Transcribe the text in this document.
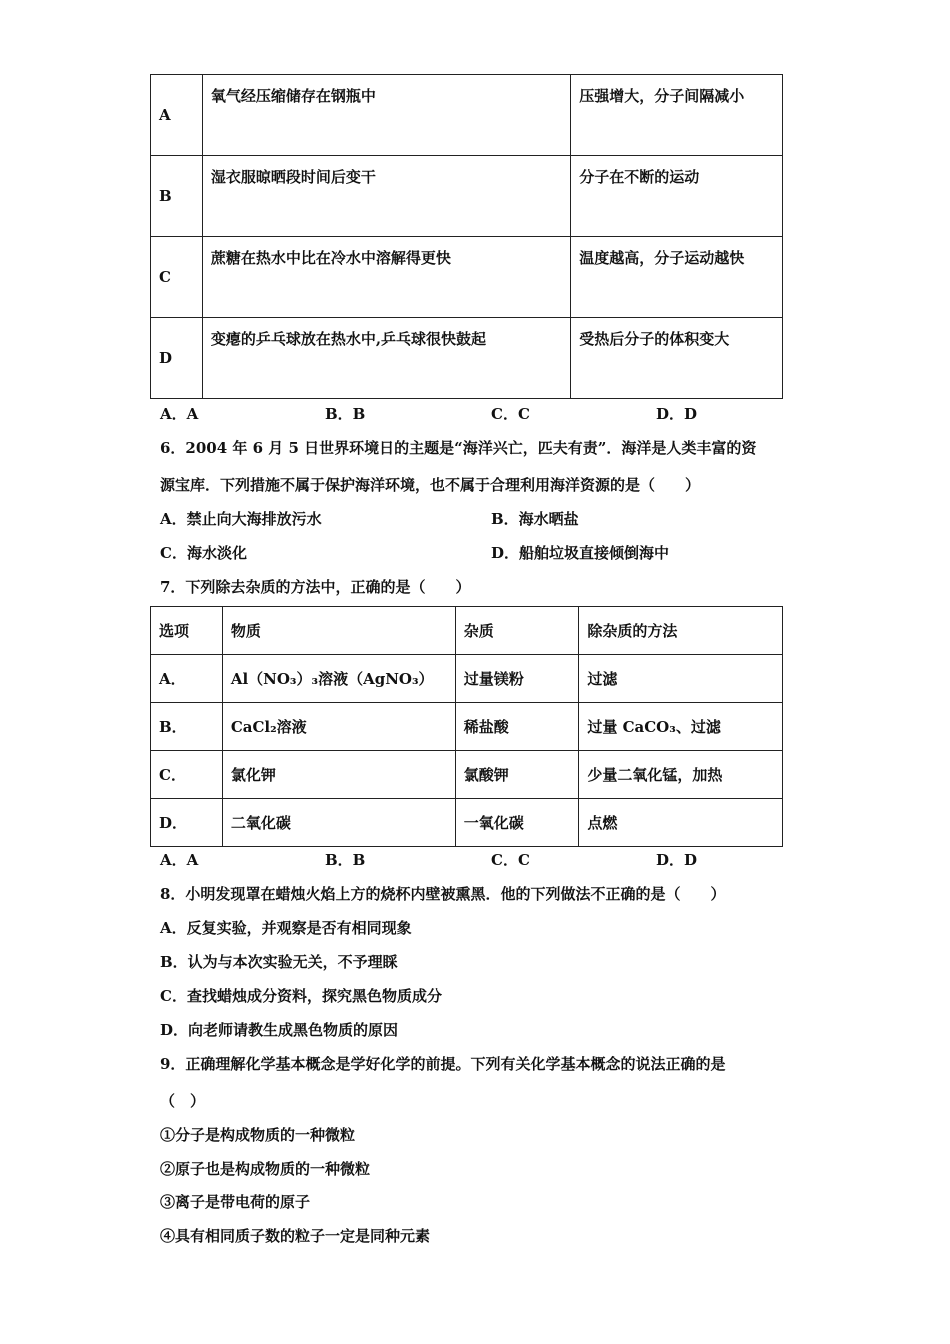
A	氧气经压缩储存在钢瓶中	压强增大，分子间隔减小
B	湿衣服晾晒段时间后变干	分子在不断的运动
C	蔗糖在热水中比在冷水中溶解得更快	温度越高，分子运动越快
D	变瘪的乒乓球放在热水中,乒乓球很快鼓起	受热后分子的体积变大
A．A	B．B	C．C	D．D
6．2004 年 6 月 5 日世界环境日的主题是“海洋兴亡，匹夫有责”．海洋是人类丰富的资
源宝库．下列措施不属于保护海洋环境，也不属于合理利用海洋资源的是（　　）
A．禁止向大海排放污水	B．海水晒盐
C．海水淡化	D．船舶垃圾直接倾倒海中
7．下列除去杂质的方法中，正确的是（　　）
选项	物质	杂质	除杂质的方法
A．	Al（NO₃）₃溶液（AgNO₃）	过量镁粉	过滤
B．	CaCl₂溶液	稀盐酸	过量 CaCO₃、过滤
C．	氯化钾	氯酸钾	少量二氧化锰，加热
D．	二氧化碳	一氧化碳	点燃
A．A	B．B	C．C	D．D
8．小明发现罩在蜡烛火焰上方的烧杯内壁被熏黑．他的下列做法不正确的是（　　）
A．反复实验，并观察是否有相同现象
B．认为与本次实验无关，不予理睬
C．查找蜡烛成分资料，探究黑色物质成分
D．向老师请教生成黑色物质的原因
9．正确理解化学基本概念是学好化学的前提。下列有关化学基本概念的说法正确的是
（　）
①分子是构成物质的一种微粒
②原子也是构成物质的一种微粒
③离子是带电荷的原子
④具有相同质子数的粒子一定是同种元素
